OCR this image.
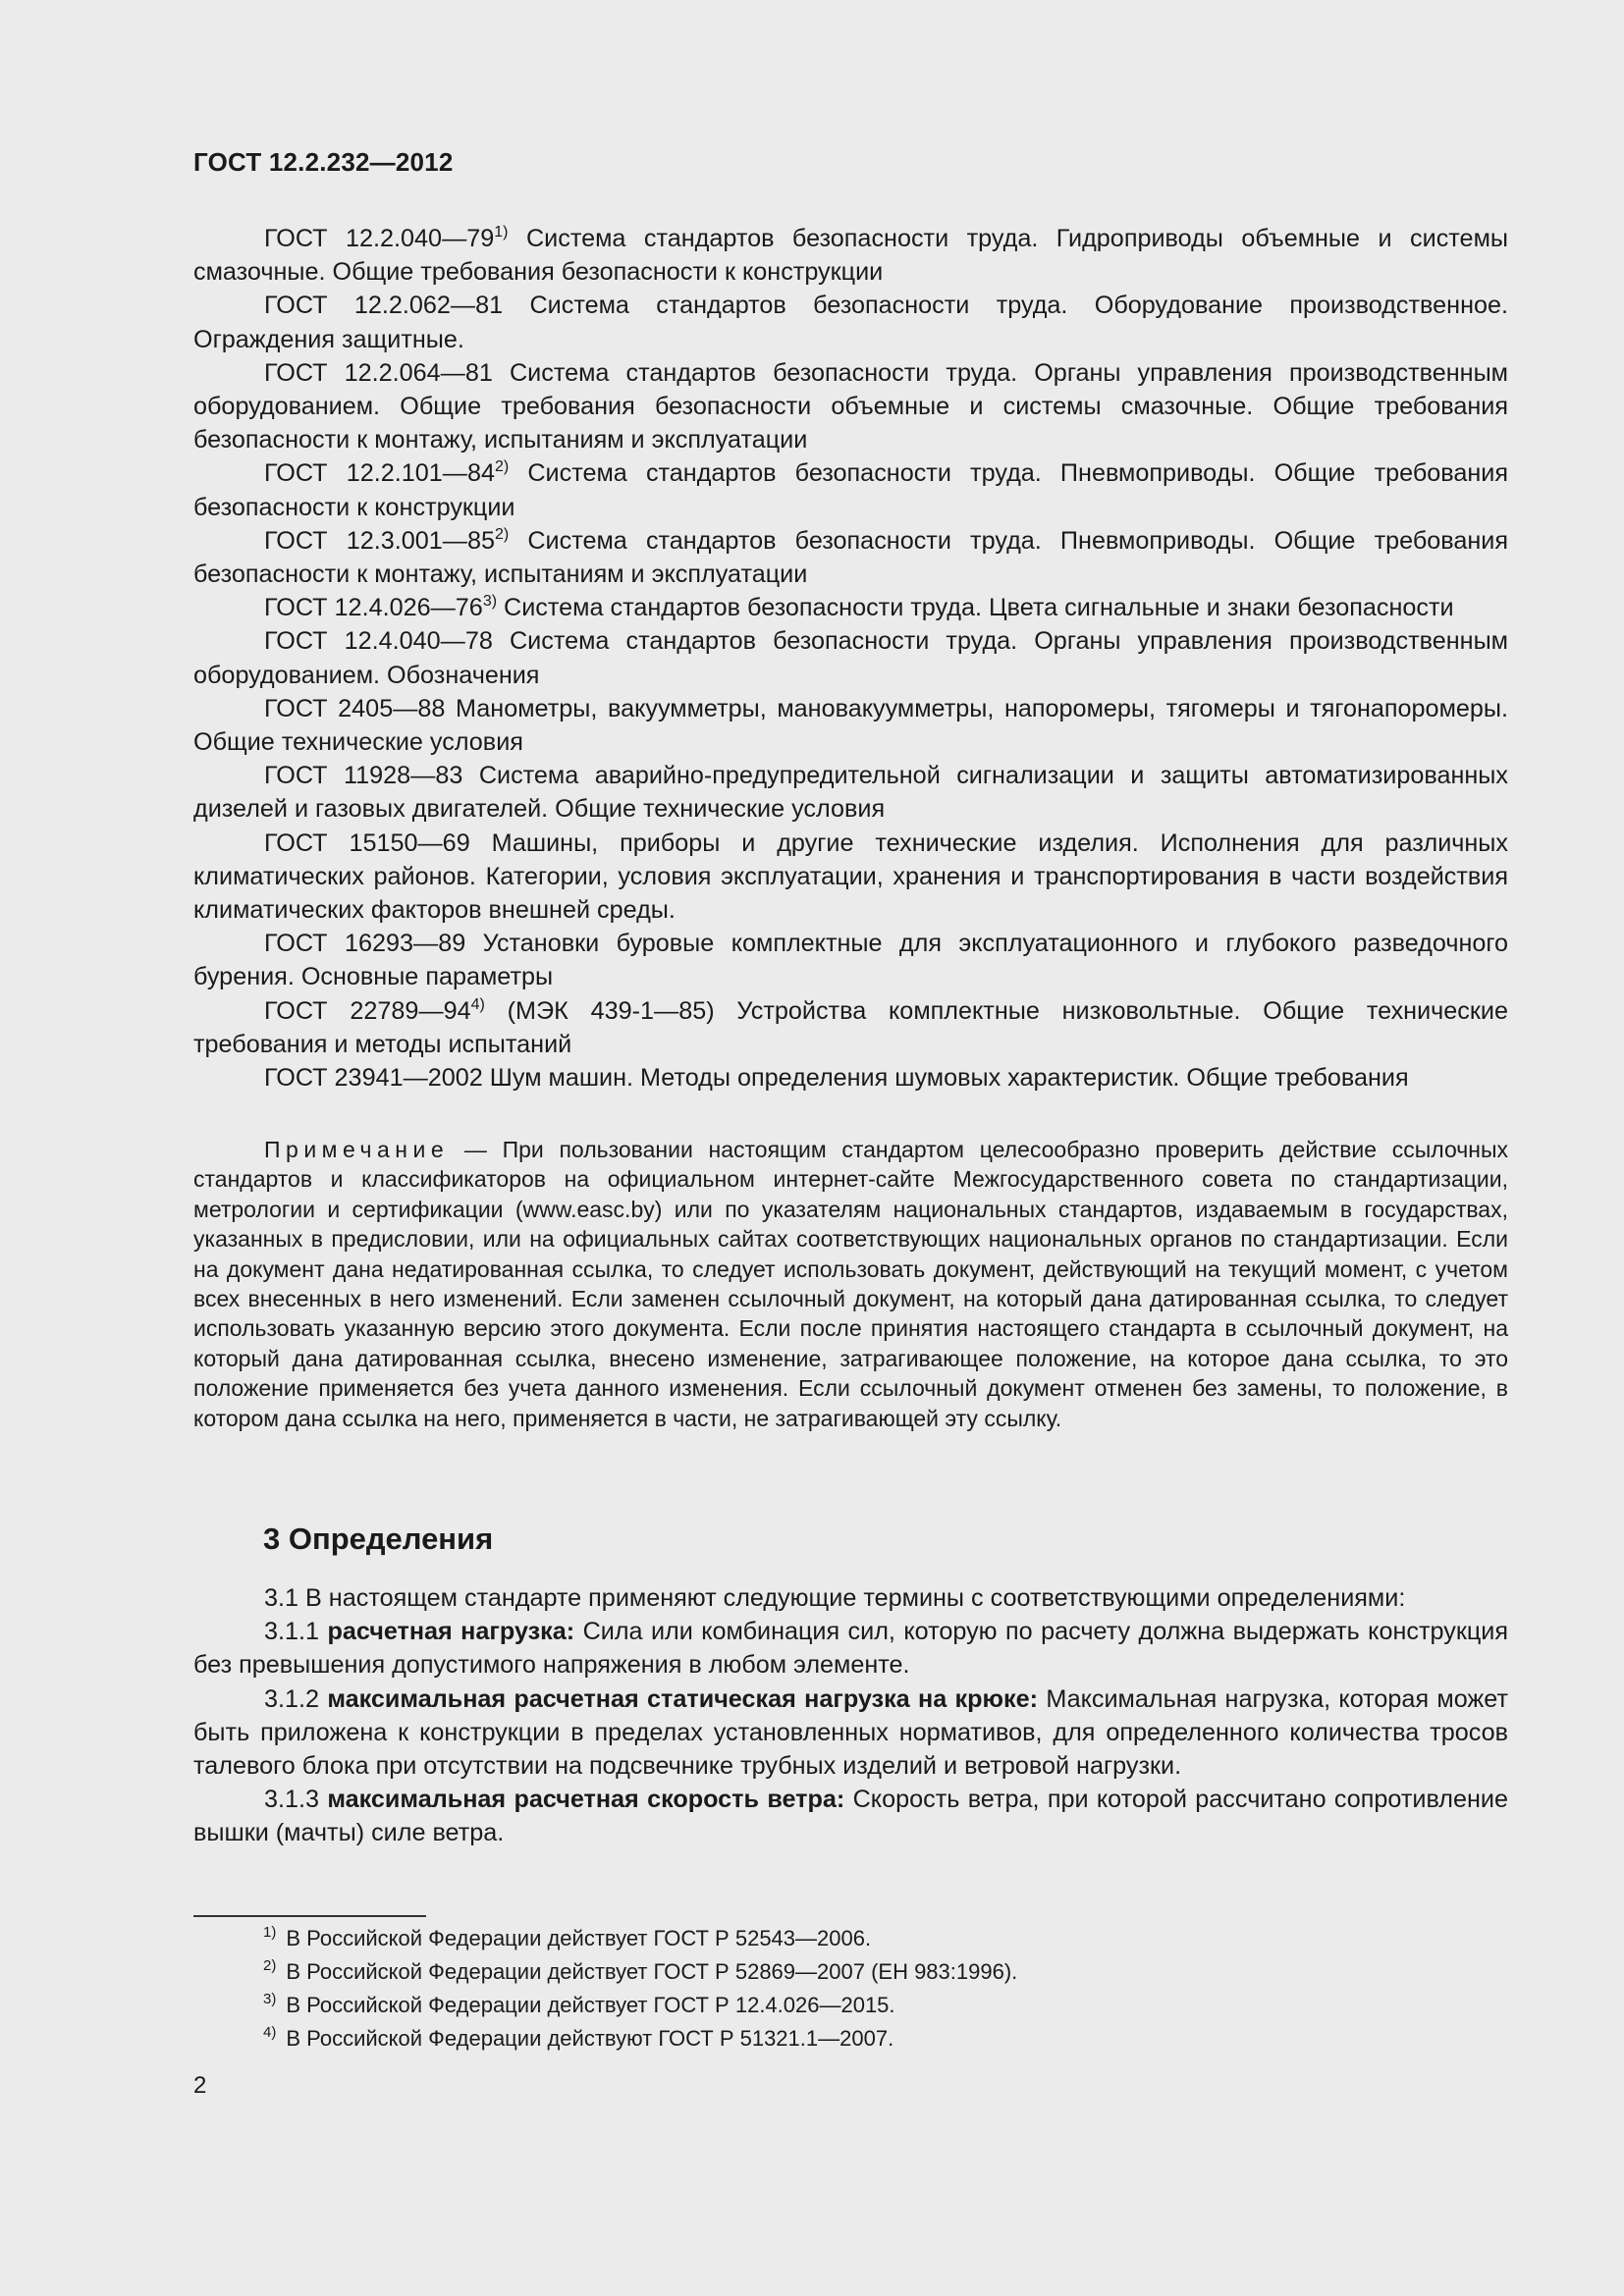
ГОСТ 12.2.232—2012

ГОСТ 12.2.040—79$^{1)}$ Система стандартов безопасности труда. Гидроприводы объемные и системы смазочные. Общие требования безопасности к конструкции

ГОСТ 12.2.062—81 Система стандартов безопасности труда. Оборудование производственное. Ограждения защитные.

ГОСТ 12.2.064—81 Система стандартов безопасности труда. Органы управления производственным оборудованием. Общие требования безопасности объемные и системы смазочные. Общие требования безопасности к монтажу, испытаниям и эксплуатации

ГОСТ 12.2.101—84$^{2)}$ Система стандартов безопасности труда. Пневмоприводы. Общие требования безопасности к конструкции

ГОСТ 12.3.001—85$^{2)}$ Система стандартов безопасности труда. Пневмоприводы. Общие требования безопасности к монтажу, испытаниям и эксплуатации

ГОСТ 12.4.026—76$^{3)}$ Система стандартов безопасности труда. Цвета сигнальные и знаки безопасности

ГОСТ 12.4.040—78 Система стандартов безопасности труда. Органы управления производственным оборудованием. Обозначения

ГОСТ 2405—88 Манометры, вакуумметры, мановакуумметры, напоромеры, тягомеры и тягонапоромеры. Общие технические условия

ГОСТ 11928—83 Система аварийно-предупредительной сигнализации и защиты автоматизированных дизелей и газовых двигателей. Общие технические условия

ГОСТ 15150—69 Машины, приборы и другие технические изделия. Исполнения для различных климатических районов. Категории, условия эксплуатации, хранения и транспортирования в части воздействия климатических факторов внешней среды.

ГОСТ 16293—89 Установки буровые комплектные для эксплуатационного и глубокого разведочного бурения. Основные параметры

ГОСТ 22789—94$^{4)}$ (МЭК 439-1—85) Устройства комплектные низковольтные. Общие технические требования и методы испытаний

ГОСТ 23941—2002 Шум машин. Методы определения шумовых характеристик. Общие требования

Примечание — При пользовании настоящим стандартом целесообразно проверить действие ссылочных стандартов и классификаторов на официальном интернет-сайте Межгосударственного совета по стандартизации, метрологии и сертификации (www.easc.by) или по указателям национальных стандартов, издаваемым в государствах, указанных в предисловии, или на официальных сайтах соответствующих национальных органов по стандартизации. Если на документ дана недатированная ссылка, то следует использовать документ, действующий на текущий момент, с учетом всех внесенных в него изменений. Если заменен ссылочный документ, на который дана датированная ссылка, то следует использовать указанную версию этого документа. Если после принятия настоящего стандарта в ссылочный документ, на который дана датированная ссылка, внесено изменение, затрагивающее положение, на которое дана ссылка, то это положение применяется без учета данного изменения. Если ссылочный документ отменен без замены, то положение, в котором дана ссылка на него, применяется в части, не затрагивающей эту ссылку.
3 Определения

3.1 В настоящем стандарте применяют следующие термины с соответствующими определениями:

3.1.1 расчетная нагрузка: Сила или комбинация сил, которую по расчету должна выдержать конструкция без превышения допустимого напряжения в любом элементе.

3.1.2 максимальная расчетная статическая нагрузка на крюке: Максимальная нагрузка, которая может быть приложена к конструкции в пределах установленных нормативов, для определенного количества тросов талевого блока при отсутствии на подсвечнике трубных изделий и ветровой нагрузки.

3.1.3 максимальная расчетная скорость ветра: Скорость ветра, при которой рассчитано сопротивление вышки (мачты) силе ветра.

$^{1)}$ В Российской Федерации действует ГОСТ Р 52543—2006.
$^{2)}$ В Российской Федерации действует ГОСТ Р 52869—2007 (ЕН 983:1996).
$^{3)}$ В Российской Федерации действует ГОСТ Р 12.4.026—2015.
$^{4)}$ В Российской Федерации действуют ГОСТ Р 51321.1—2007.
2
